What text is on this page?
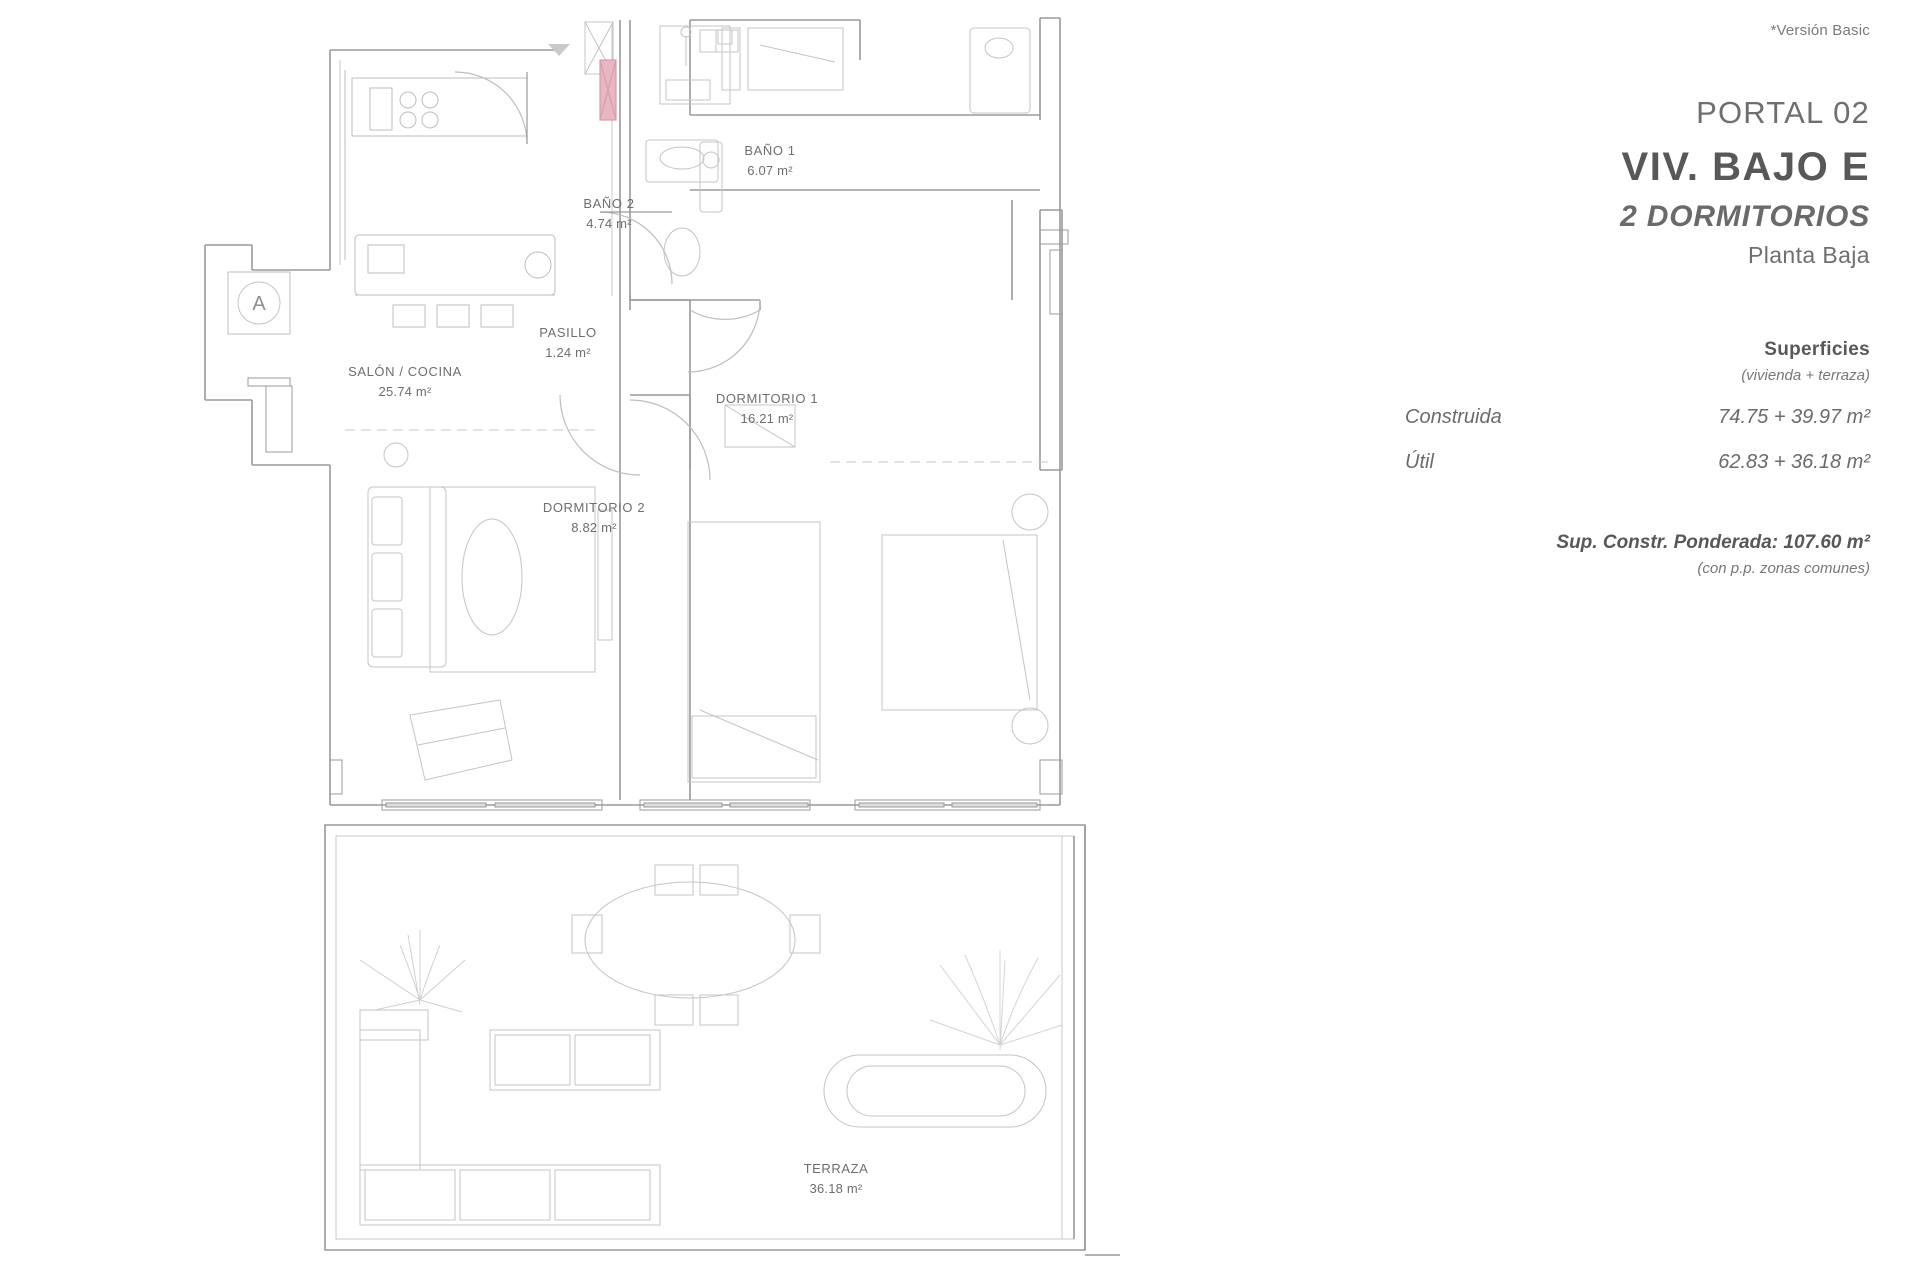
A
BAÑO 1
6.07 m²
BAÑO 2
4.74 m²
PASILLO
1.24 m²
SALÓN / COCINA
25.74 m²	DORMITORIO 1
16.21 m²
DORMITORIO 2
8.82 m²
TERRAZA
36.18 m²
*Versión Basic
PORTAL 02
VIV. BAJO E
2 DORMITORIOS
Planta Baja
Superficies
(vivienda + terraza)
Construida	74.75 + 39.97 m²
Útil	62.83 + 36.18 m²
Sup. Constr. Ponderada: 107.60 m²
(con p.p. zonas comunes)
